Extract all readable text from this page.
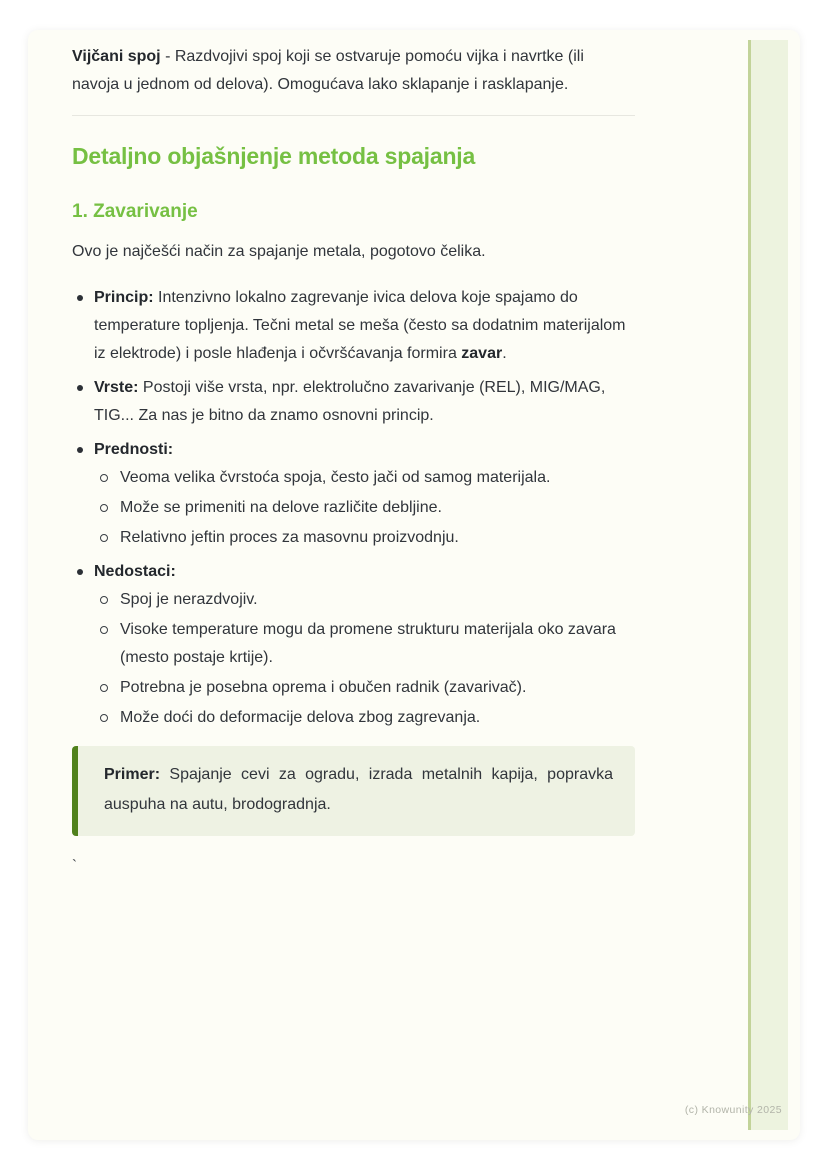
Vijčani spoj - Razdvojivi spoj koji se ostvaruje pomoću vijka i navrtke (ili navoja u jednom od delova). Omogućava lako sklapanje i rasklapanje.

Detaljno objašnjenje metoda spajanja
1. Zavarivanje

Ovo je najčešći način za spajanje metala, pogotovo čelika.

Princip: Intenzivno lokalno zagrevanje ivica delova koje spajamo do temperature topljenja. Tečni metal se meša (često sa dodatnim materijalom iz elektrode) i posle hlađenja i očvršćavanja formira zavar.
Vrste: Postoji više vrsta, npr. elektrolučno zavarivanje (REL), MIG/MAG, TIG... Za nas je bitno da znamo osnovni princip.
Prednosti:
Veoma velika čvrstoća spoja, često jači od samog materijala.
Može se primeniti na delove različite debljine.
Relativno jeftin proces za masovnu proizvodnju.
Nedostaci:
Spoj je nerazdvojiv.
Visoke temperature mogu da promene strukturu materijala oko zavara (mesto postaje krtije).
Potrebna je posebna oprema i obučen radnik (zavarivač).
Može doći do deformacije delova zbog zagrevanja.
Primer: Spajanje cevi za ogradu, izrada metalnih kapija, popravka auspuha na autu, brodogradnja.

`

(c) Knowunity 2025
